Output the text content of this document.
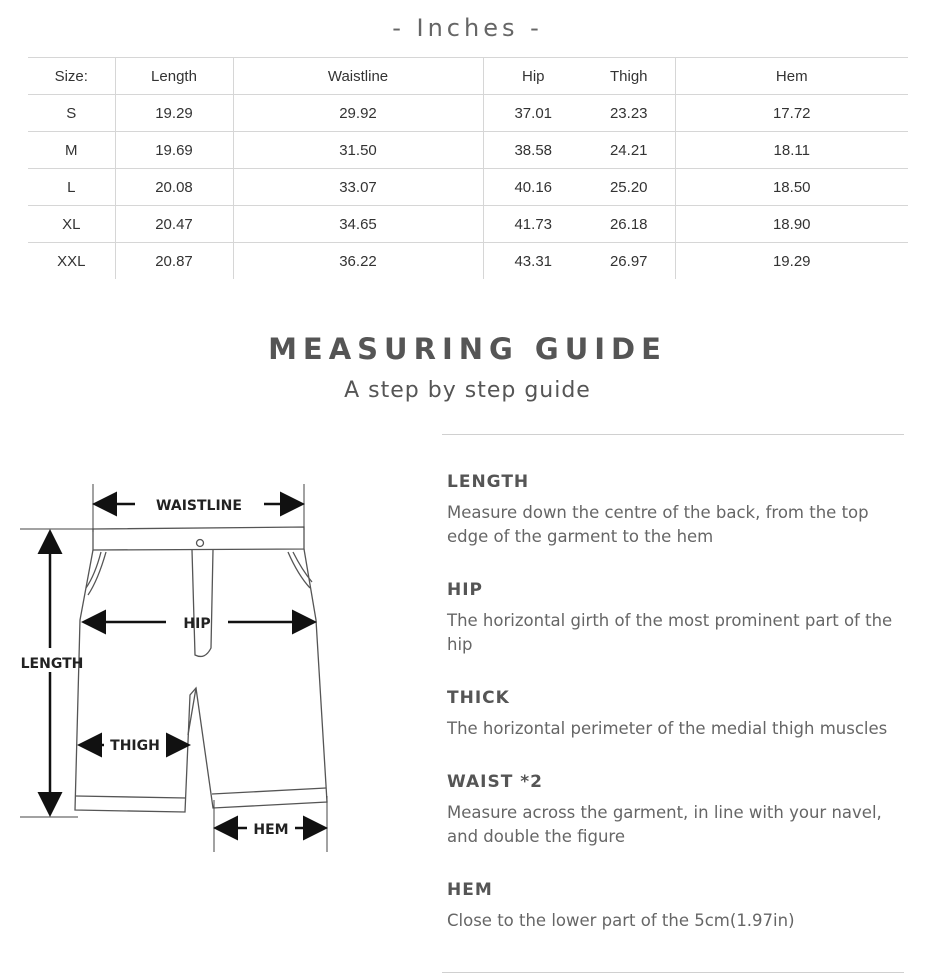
- Inches -
Size:	Length	Waistline	Hip	Thigh	Hem
S	19.29	29.92	37.01	23.23	17.72
M	19.69	31.50	38.58	24.21	18.11
L	20.08	33.07	40.16	25.20	18.50
XL	20.47	34.65	41.73	26.18	18.90
XXL	20.87	36.22	43.31	26.97	19.29
MEASURING GUIDE
A step by step guide
WAISTLINE
LENGTH
HIP
THIGH
HEM
LENGTH

Measure down the centre of the back, from the top edge of the garment to the hem

HIP

The horizontal girth of the most prominent part of the hip

THICK

The horizontal perimeter of the medial thigh muscles

WAIST *2

Measure across the garment, in line with your navel, and double the figure

HEM

Close to the lower part of the 5cm(1.97in)
